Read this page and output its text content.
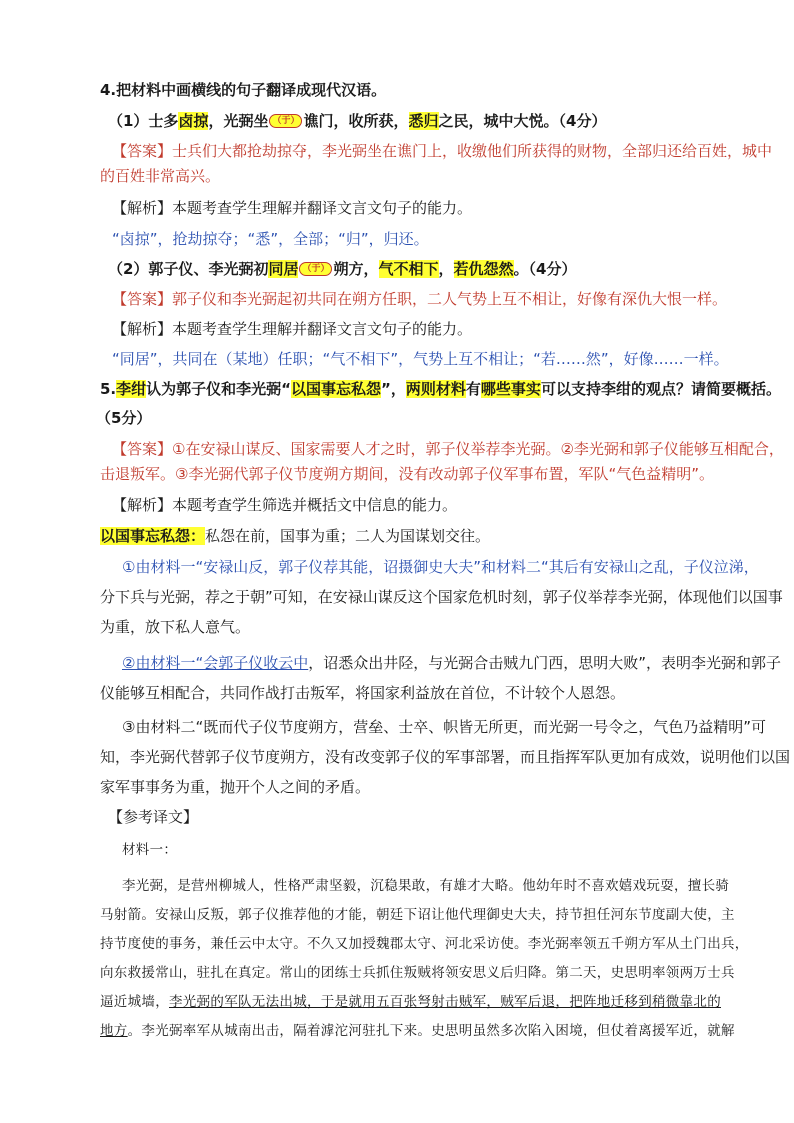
4.把材料中画横线的句子翻译成现代汉语。
（1）士多卤掠，光弼坐 （于） 谯门，收所获，悉归之民，城中大悦。（4分）
【答案】士兵们大都抢劫掠夺，李光弼坐在谯门上，收缴他们所获得的财物，全部归还给百姓，城中
的百姓非常高兴。
【解析】本题考查学生理解并翻译文言文句子的能力。
“卤掠”，抢劫掠夺；“悉”，全部；“归”，归还。
（2）郭子仪、李光弼初同居 （于） 朔方，气不相下，若仇怨然。（4分）
【答案】郭子仪和李光弼起初共同在朔方任职，二人气势上互不相让，好像有深仇大恨一样。
【解析】本题考查学生理解并翻译文言文句子的能力。
“同居”，共同在（某地）任职；“气不相下”，气势上互不相让；“若……然”，好像……一样。
5.李绀认为郭子仪和李光弼“以国事忘私怨”，两则材料有哪些事实可以支持李绀的观点？请简要概括。
（5分）
【答案】①在安禄山谋反、国家需要人才之时，郭子仪举荐李光弼。②李光弼和郭子仪能够互相配合，
击退叛军。③李光弼代郭子仪节度朔方期间，没有改动郭子仪军事布置，军队“气色益精明”。
【解析】本题考查学生筛选并概括文中信息的能力。
以国事忘私怨：私怨在前，国事为重；二人为国谋划交往。
①由材料一“安禄山反，郭子仪荐其能，诏摄御史大夫”和材料二“其后有安禄山之乱，子仪泣涕，
分下兵与光弼，荐之于朝”可知，在安禄山谋反这个国家危机时刻，郭子仪举荐李光弼，体现他们以国事
为重，放下私人意气。
②由材料一“会郭子仪收云中，诏悉众出井陉，与光弼合击贼九门西，思明大败”，表明李光弼和郭子
仪能够互相配合，共同作战打击叛军，将国家利益放在首位，不计较个人恩怨。
③由材料二“既而代子仪节度朔方，营垒、士卒、帜皆无所更，而光弼一号令之，气色乃益精明”可
知，李光弼代替郭子仪节度朔方，没有改变郭子仪的军事部署，而且指挥军队更加有成效，说明他们以国
家军事事务为重，抛开个人之间的矛盾。
【参考译文】
材料一：
李光弼，是营州柳城人，性格严肃坚毅，沉稳果敢，有雄才大略。他幼年时不喜欢嬉戏玩耍，擅长骑
马射箭。安禄山反叛，郭子仪推荐他的才能，朝廷下诏让他代理御史大夫，持节担任河东节度副大使，主
持节度使的事务，兼任云中太守。不久又加授魏郡太守、河北采访使。李光弼率领五千朔方军从土门出兵，
向东救援常山，驻扎在真定。常山的团练士兵抓住叛贼将领安思义后归降。第二天，史思明率领两万士兵
逼近城墙，李光弼的军队无法出城，于是就用五百张弩射击贼军，贼军后退，把阵地迁移到稍微靠北的
地方。李光弼率军从城南出击，隔着滹沱河驻扎下来。史思明虽然多次陷入困境，但仗着离援军近，就解
